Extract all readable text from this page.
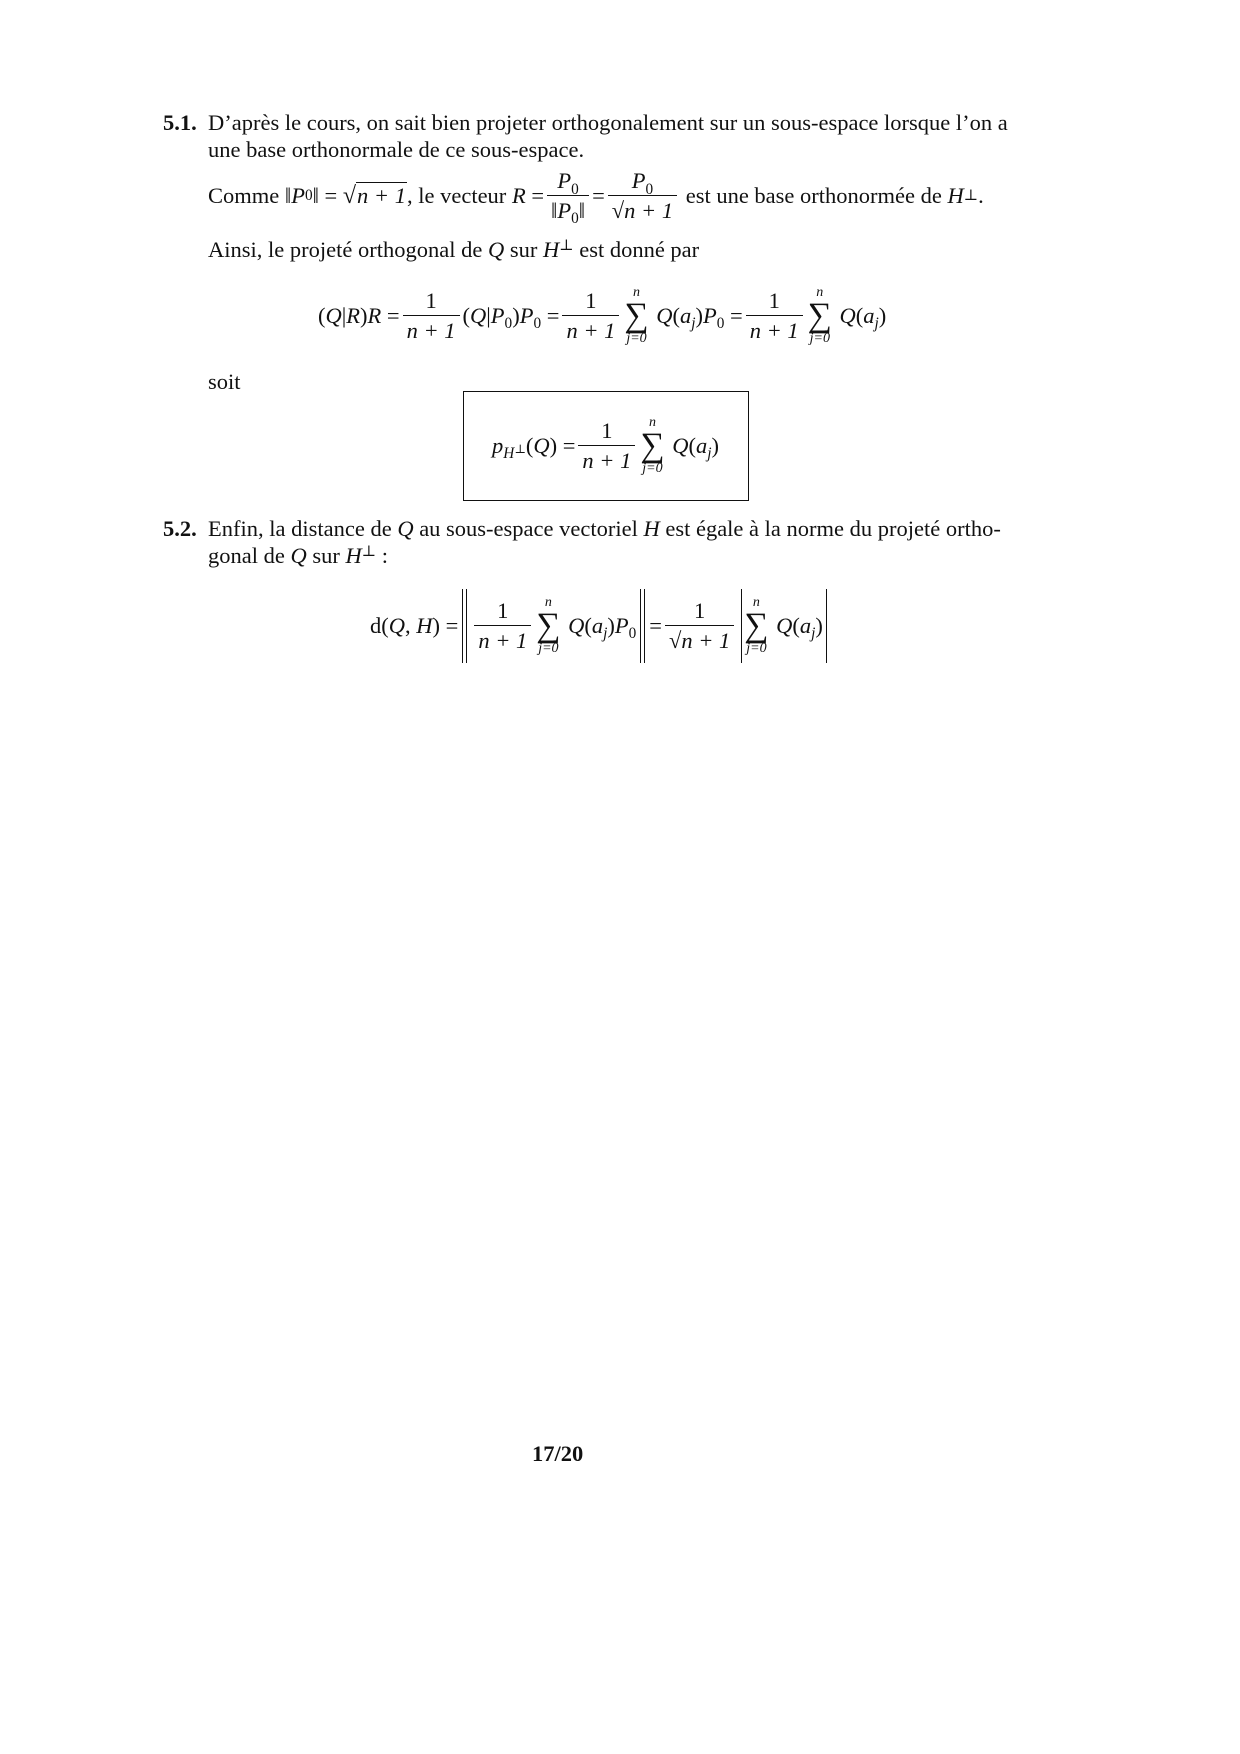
5.1. D’après le cours, on sait bien projeter orthogonalement sur un sous-espace lorsque l’on a
une base orthonormale de ce sous-espace.
Comme ‖ P 0 ‖ = √n + 1 , le vecteur
$R = \frac{P_0}{‖P_0‖} = \frac{P_0}{√n + 1}$
est une base orthonormée de
H ⊥ .
Ainsi, le projeté orthogonal de Q sur H⊥ est donné par
$(Q|R)R = \frac{1}{n + 1} (Q|P_0)P_0 = \frac{1}{n + 1}$ n
∑
j=0
$Q(a_j)P_0 = \frac{1}{n + 1}$ n
∑
j=0
$Q(a_j)$
soit
$p_{H^\perp}(Q) = \frac{1}{n + 1}$ n
∑
j=0
$Q(a_j)$
5.2. Enfin, la distance de Q au sous-espace vectoriel H est égale à la norme du projeté ortho-
gonal de Q sur H⊥ :
d(Q, $H) = \frac{1}{n + 1}$ n
∑
j=0
$Q(a_j)P_0 = \frac{1}{√n + 1}$ n
∑
j=0
$Q(a_j)$
17/20
